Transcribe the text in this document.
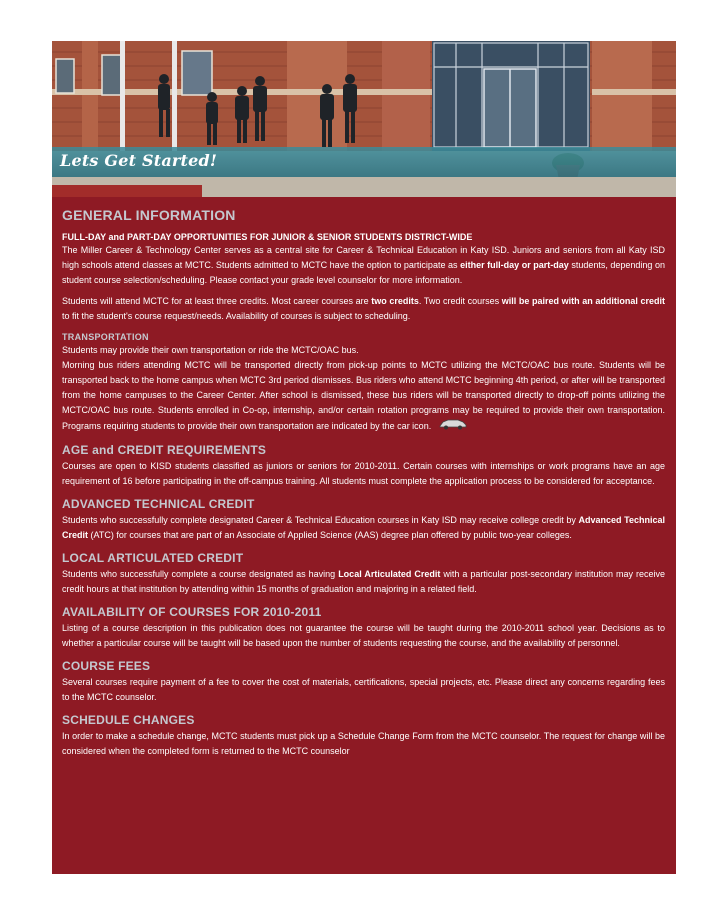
Lets Get Started!
GENERAL INFORMATION
FULL-DAY and PART-DAY OPPORTUNITIES FOR JUNIOR & SENIOR STUDENTS DISTRICT-WIDE

The Miller Career & Technology Center serves as a central site for Career & Technical Education in Katy ISD. Juniors and seniors from all Katy ISD high schools attend classes at MCTC. Students admitted to MCTC have the option to participate as either full-day or part-day students, depending on student course selection/scheduling. Please contact your grade level counselor for more information.

Students will attend MCTC for at least three credits. Most career courses are two credits. Two credit courses will be paired with an additional credit to fit the student's course request/needs. Availability of courses is subject to scheduling.

TRANSPORTATION

Students may provide their own transportation or ride the MCTC/OAC bus.

Morning bus riders attending MCTC will be transported directly from pick-up points to MCTC utilizing the MCTC/OAC bus route. Students will be transported back to the home campus when MCTC 3rd period dismisses. Bus riders who attend MCTC beginning 4th period, or after will be transported from the home campuses to the Career Center. After school is dismissed, these bus riders will be transported directly to drop-off points utilizing the MCTC/OAC bus route. Students enrolled in Co-op, internship, and/or certain rotation programs may be required to provide their own transportation. Programs requiring students to provide their own transportation are indicated by the car icon.

AGE and CREDIT REQUIREMENTS

Courses are open to KISD students classified as juniors or seniors for 2010-2011. Certain courses with internships or work programs have an age requirement of 16 before participating in the off-campus training. All students must complete the application process to be considered for acceptance.

ADVANCED TECHNICAL CREDIT

Students who successfully complete designated Career & Technical Education courses in Katy ISD may receive college credit by Advanced Technical Credit (ATC) for courses that are part of an Associate of Applied Science (AAS) degree plan offered by public two-year colleges.

LOCAL ARTICULATED CREDIT

Students who successfully complete a course designated as having Local Articulated Credit with a particular post-secondary institution may receive credit hours at that institution by attending within 15 months of graduation and majoring in a related field.

AVAILABILITY OF COURSES FOR 2010-2011

Listing of a course description in this publication does not guarantee the course will be taught during the 2010-2011 school year. Decisions as to whether a particular course will be taught will be based upon the number of students requesting the course, and the availability of personnel.

COURSE FEES

Several courses require payment of a fee to cover the cost of materials, certifications, special projects, etc. Please direct any concerns regarding fees to the MCTC counselor.

SCHEDULE CHANGES

In order to make a schedule change, MCTC students must pick up a Schedule Change Form from the MCTC counselor. The request for change will be considered when the completed form is returned to the MCTC counselor
